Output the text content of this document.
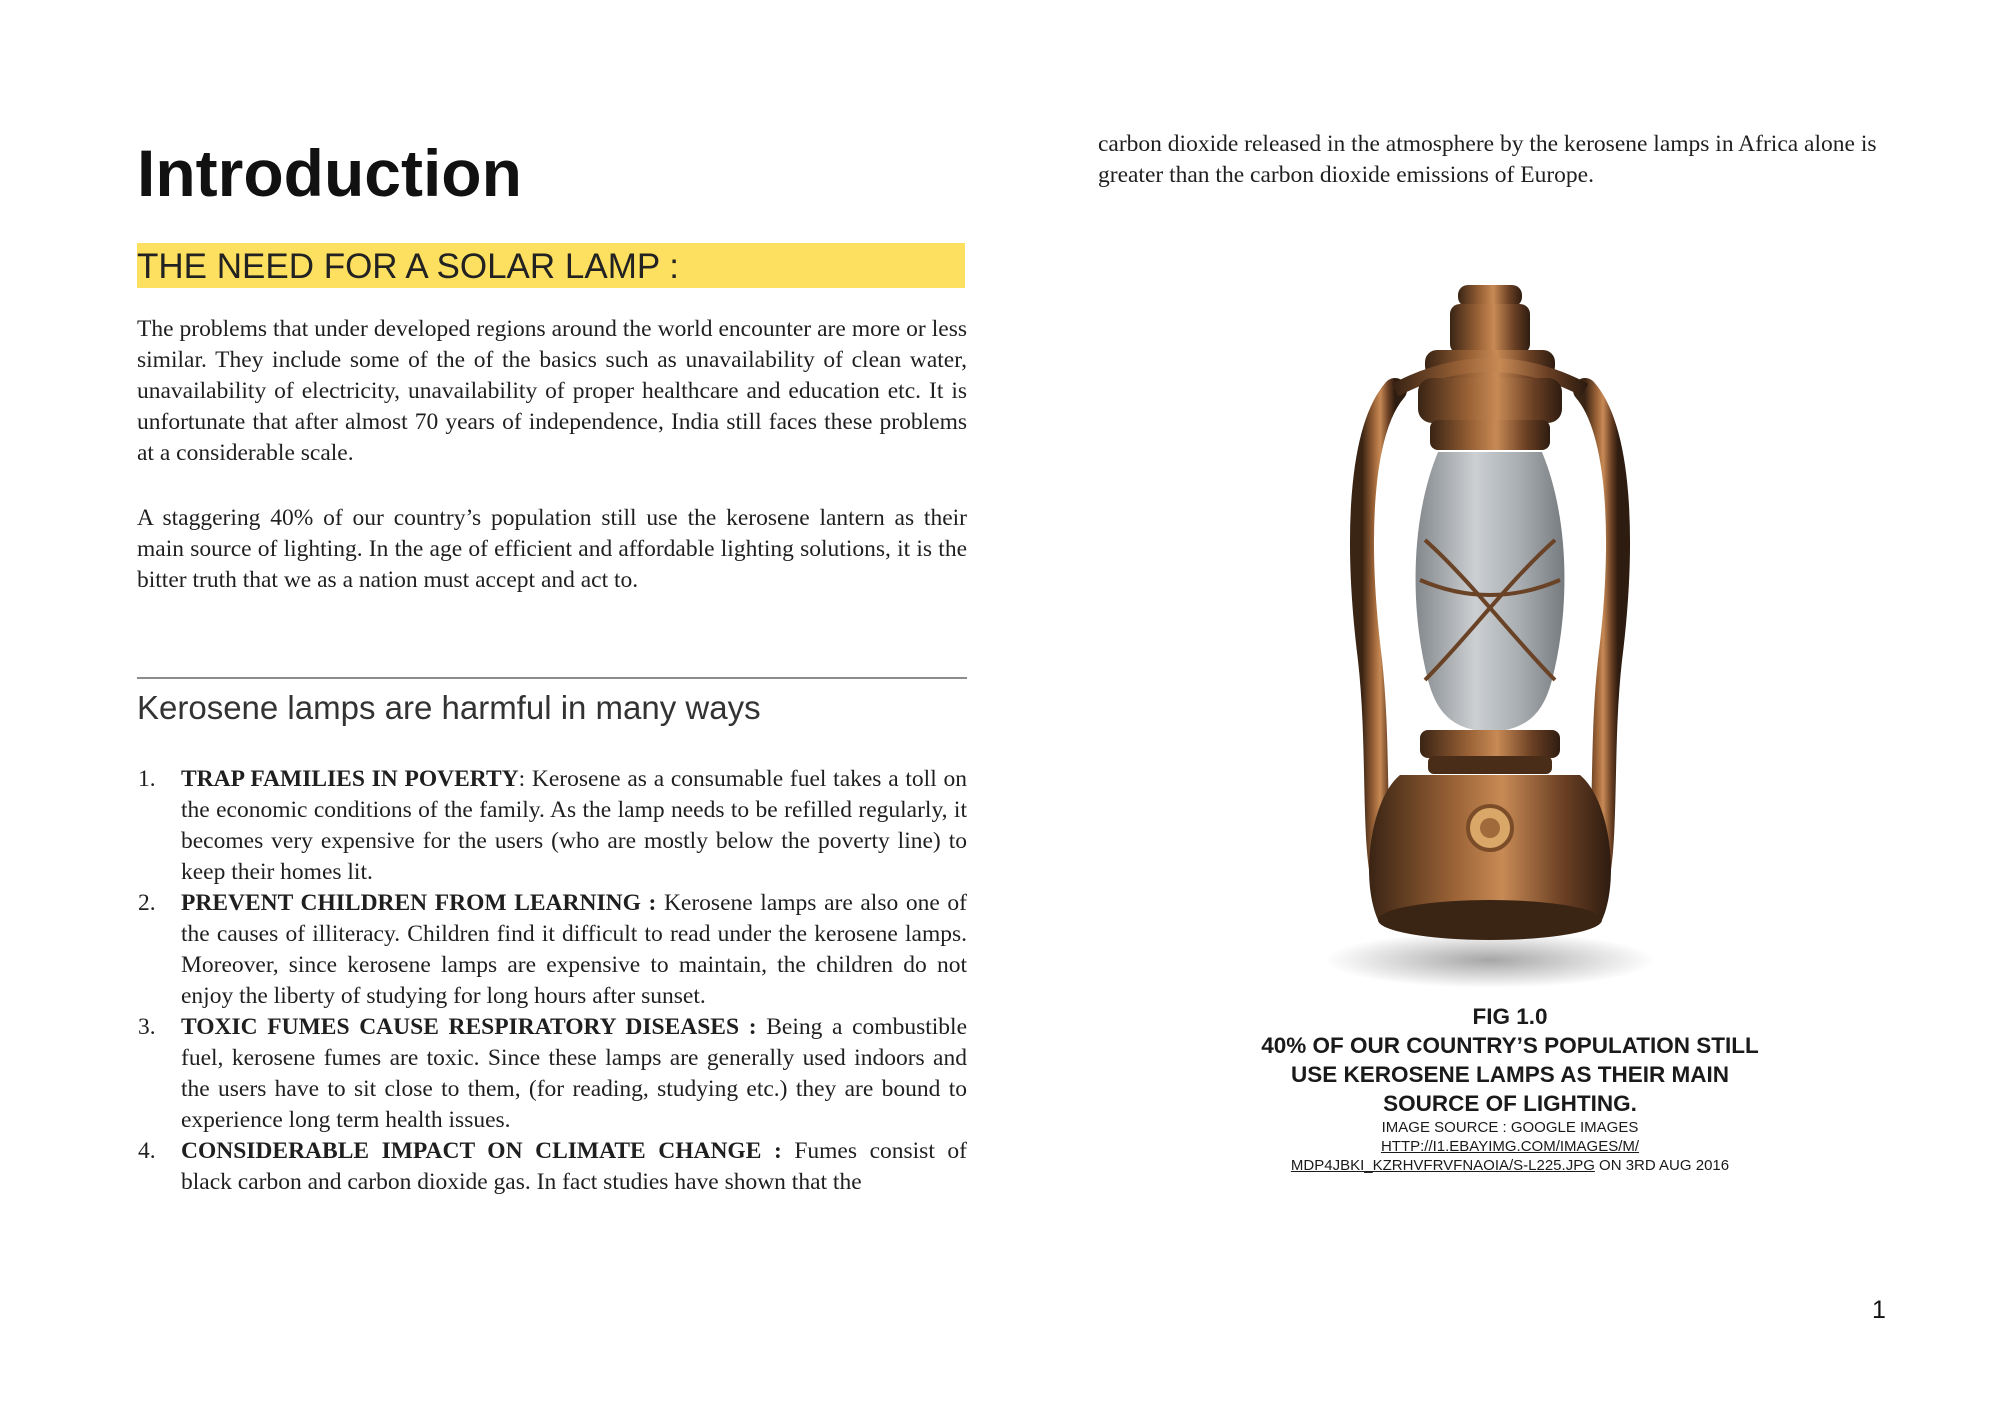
Introduction
THE NEED FOR A SOLAR LAMP :

The problems that under developed regions around the world encounter are more or less similar. They include some of the of the basics such as unavailability of clean water, unavailability of electricity, unavailability of proper healthcare and education etc. It is unfortunate that after almost 70 years of independence, India still faces these problems at a considerable scale.

A staggering 40% of our country’s population still use the kerosene lantern as their main source of lighting. In the age of efficient and affordable lighting solutions, it is the bitter truth that we as a nation must accept and act to.

Kerosene lamps are harmful in many ways
1. TRAP FAMILIES IN POVERTY: Kerosene as a consumable fuel takes a toll on the economic conditions of the family. As the lamp needs to be refilled regularly, it becomes very expensive for the users (who are mostly below the poverty line) to keep their homes lit.
2. PREVENT CHILDREN FROM LEARNING : Kerosene lamps are also one of the causes of illiteracy. Children find it difficult to read under the kerosene lamps. Moreover, since kerosene lamps are expensive to maintain, the children do not enjoy the liberty of studying for long hours after sunset.
3. TOXIC FUMES CAUSE RESPIRATORY DISEASES : Being a combustible fuel, kerosene fumes are toxic. Since these lamps are generally used indoors and the users have to sit close to them, (for reading, studying etc.) they are bound to experience long term health issues.
4. CONSIDERABLE IMPACT ON CLIMATE CHANGE : Fumes consist of black carbon and carbon dioxide gas. In fact studies have shown that the

carbon dioxide released in the atmosphere by the kerosene lamps in Africa alone is greater than the carbon dioxide emissions of Europe.

FIG 1.0
40% OF OUR COUNTRY’S POPULATION STILL
USE KEROSENE LAMPS AS THEIR MAIN
SOURCE OF LIGHTING.
IMAGE SOURCE : GOOGLE IMAGES
HTTP://I1.EBAYIMG.COM/IMAGES/M/
MDP4JBKI_KZRHVFRVFNAOIA/S-L225.JPG ON 3RD AUG 2016
1
